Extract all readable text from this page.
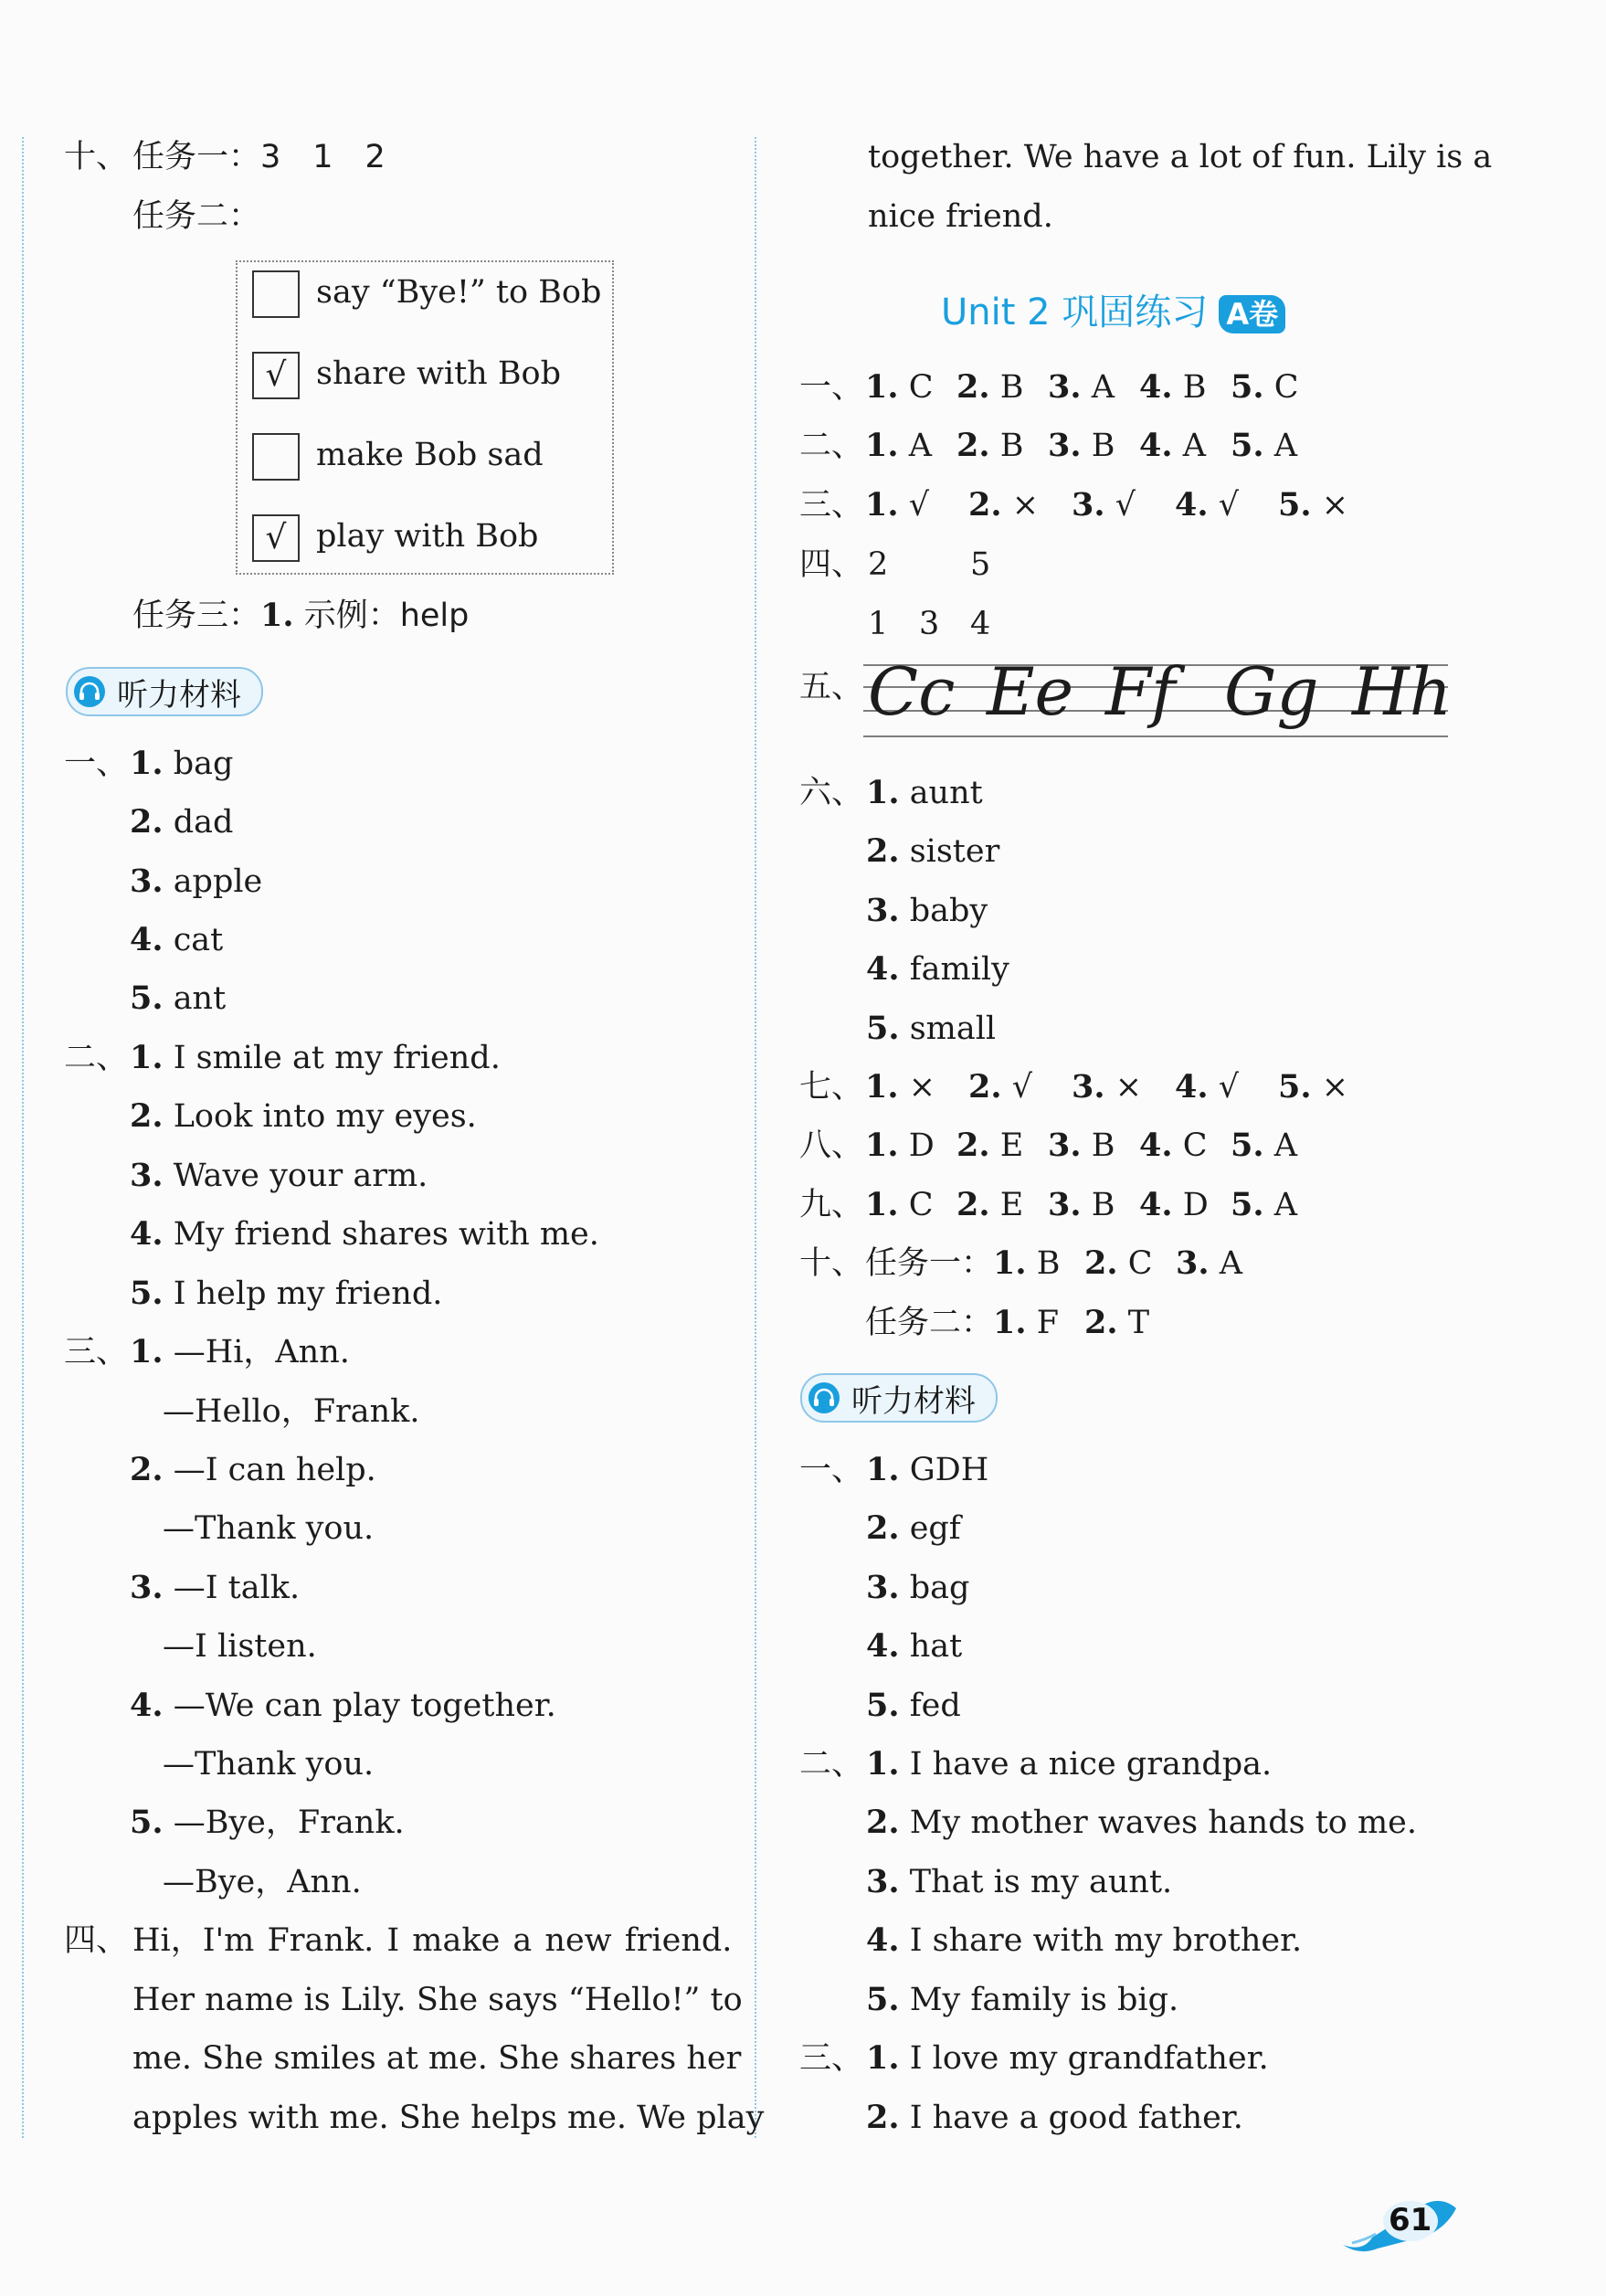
十、 任务一：3　1　2
任务二：
say “Bye!” to Bob
√ share with Bob
make Bob sad
√ play with Bob
任务三：1. 示例：help
听力材料
一、 1. bag
2. dad
3. apple
4. cat
5. ant
二、 1. I smile at my friend.
2. Look into my eyes.
3. Wave your arm.
4. My friend shares with me.
5. I help my friend.
三、 1. —Hi，Ann.
—Hello，Frank.
2. —I can help.
—Thank you.
3. —I talk.
—I listen.
4. —We can play together.
—Thank you.
5. —Bye，Frank.
—Bye，Ann.
四、 Hi，I'm Frank. I make a new friend.
Her name is Lily. She says “Hello!” to
me. She smiles at me. She shares her
apples with me. She helps me. We play
together. We have a lot of fun. Lily is a
nice friend.
Unit 2 巩固练习 A卷
一、1. C 2. B 3. A 4. B 5. C
二、1. A 2. B 3. B 4. A 5. A
三、1. √ 2. × 3. √ 4. √ 5. ×
四、 2	5
1 3 4
五、 Cc Ee Ff Gg Hh
六、 1. aunt
2. sister
3. baby
4. family
5. small
七、1. × 2. √ 3. × 4. √ 5. ×
八、1. D 2. E 3. B 4. C 5. A
九、1. C 2. E 3. B 4. D 5. A
十、任务一：1. B 2. C 3. A
任务二：1. F 2. T
听力材料
一、 1. GDH
2. egf
3. bag
4. hat
5. fed
二、 1. I have a nice grandpa.
2. My mother waves hands to me.
3. That is my aunt.
4. I share with my brother.
5. My family is big.
三、 1. I love my grandfather.
2. I have a good father.
61
